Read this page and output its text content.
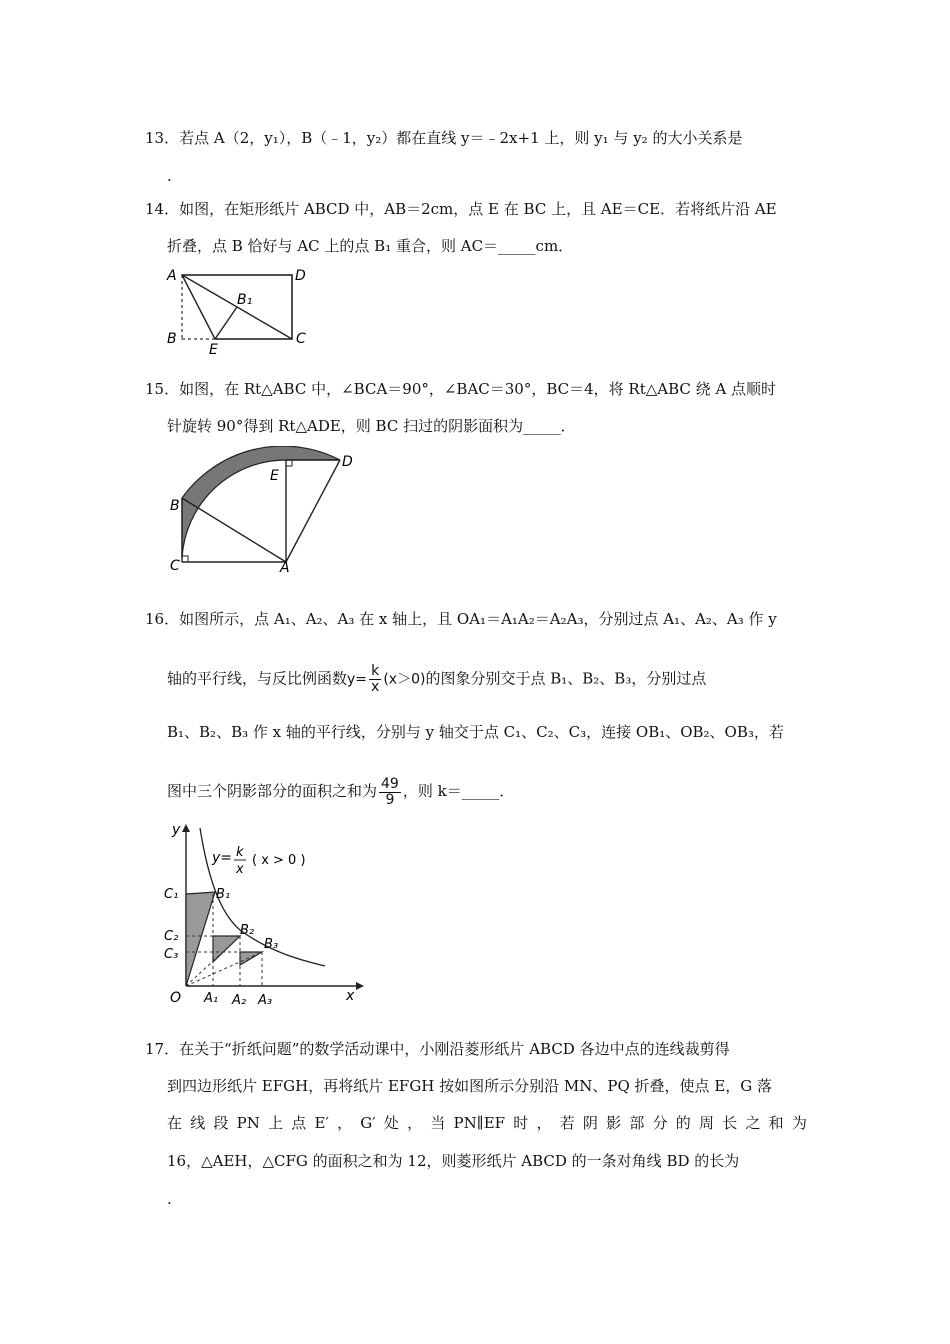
13．若点 A（2，y₁），B（﹣1，y₂）都在直线 y＝﹣2x+1 上，则 y₁ 与 y₂ 的大小关系是
.
14．如图，在矩形纸片 ABCD 中，AB＝2cm，点 E 在 BC 上，且 AE＝CE．若将纸片沿 AE
折叠，点 B 恰好与 AC 上的点 B₁ 重合，则 AC＝_____cm．
A	D
B₁
B
E
C
15．如图，在 Rt△ABC 中，∠BCA＝90°，∠BAC＝30°，BC＝4，将 Rt△ABC 绕 A 点顺时
针旋转 90°得到 Rt△ADE，则 BC 扫过的阴影面积为_____．
B
C	A
E
D
16．如图所示，点 A₁、A₂、A₃ 在 x 轴上，且 OA₁＝A₁A₂＝A₂A₃，分别过点 A₁、A₂、A₃ 作 y
轴的平行线，与反比例函数$y= \frac{k}{x} (x>0)$的图象分别交于点 B₁、B₂、B₃，分别过点
B₁、B₂、B₃ 作 x 轴的平行线，分别与 y 轴交于点 C₁、C₂、C₃，连接 OB₁、OB₂、OB₃，若
图中三个阴影部分的面积之和为 $\frac{49}{9}$ ，则 k＝_____．
y
x
O
y= k
x
( x > 0 )
C₁
C₂
C₃
B₁
B₂
B₃
A₁ A₂ A₃
17．在关于“折纸问题”的数学活动课中，小刚沿菱形纸片 ABCD 各边中点的连线裁剪得
到四边形纸片 EFGH，再将纸片 EFGH 按如图所示分别沿 MN、PQ 折叠，使点 E，G 落
在 线 段 PN 上 点 E′ ， G′ 处 ， 当 PN∥EF 时 ， 若 阴 影 部 分 的 周 长 之 和 为
16，△AEH，△CFG 的面积之和为 12，则菱形纸片 ABCD 的一条对角线 BD 的长为
.
